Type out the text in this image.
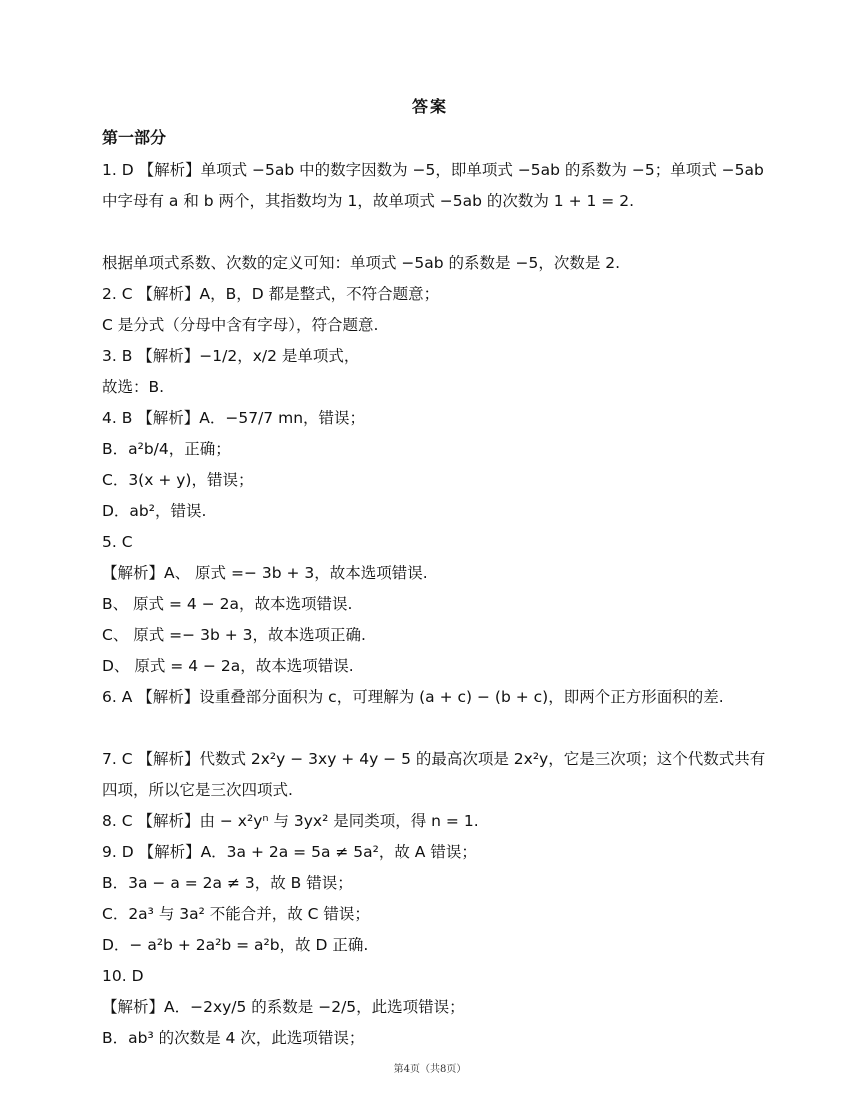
答案
第一部分
1. D 【解析】单项式 −5ab 中的数字因数为 −5，即单项式 −5ab 的系数为 −5；单项式 −5ab 中字母有 a 和 b 两个，其指数均为 1，故单项式 −5ab 的次数为 1 + 1 = 2.
根据单项式系数、次数的定义可知：单项式 −5ab 的系数是 −5，次数是 2.
2. C 【解析】A，B，D 都是整式，不符合题意；
C 是分式（分母中含有字母），符合题意.
3. B 【解析】−1/2，x/2 是单项式，
故选：B.
4. B 【解析】A．−57/7 mn，错误；
B．a²b/4，正确；
C．3(x + y)，错误；
D．ab²，错误.
5. C
【解析】A、 原式 =− 3b + 3，故本选项错误.
B、 原式 = 4 − 2a，故本选项错误.
C、 原式 =− 3b + 3，故本选项正确.
D、 原式 = 4 − 2a，故本选项错误.
6. A 【解析】设重叠部分面积为 c，可理解为 (a + c) − (b + c)，即两个正方形面积的差.
7. C 【解析】代数式 2x²y − 3xy + 4y − 5 的最高次项是 2x²y，它是三次项；这个代数式共有四项，所以它是三次四项式.
8. C 【解析】由 − x²yⁿ 与 3yx² 是同类项，得 n = 1.
9. D 【解析】A．3a + 2a = 5a ≠ 5a²，故 A 错误；
B．3a − a = 2a ≠ 3，故 B 错误；
C．2a³ 与 3a² 不能合并，故 C 错误；
D．− a²b + 2a²b = a²b，故 D 正确.
10. D
【解析】A．−2xy/5 的系数是 −2/5，此选项错误；
B．ab³ 的次数是 4 次，此选项错误；
第4页（共8页）
